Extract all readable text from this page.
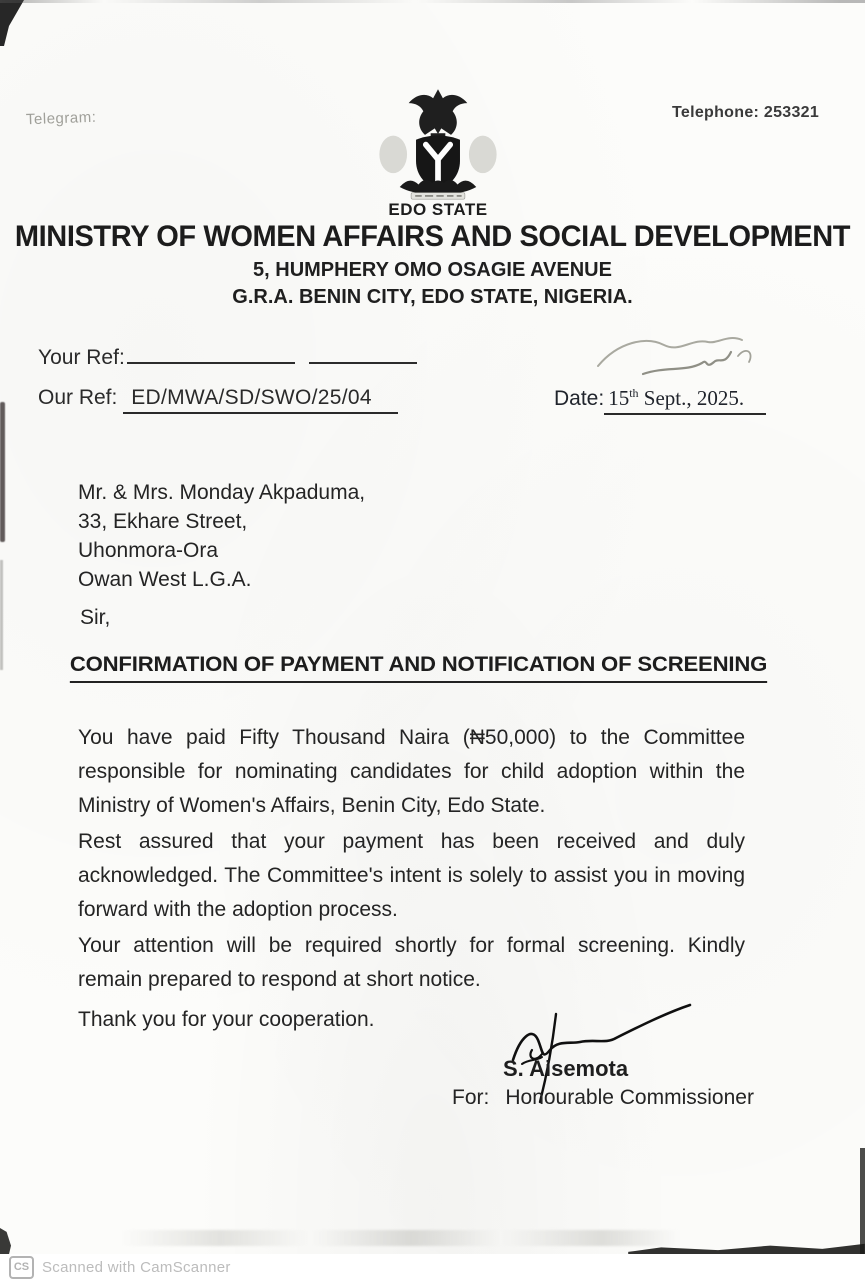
Telegram:	Telephone: 253321
EDO STATE
MINISTRY OF WOMEN AFFAIRS AND SOCIAL DEVELOPMENT
5, HUMPHERY OMO OSAGIE AVENUE
G.R.A. BENIN CITY, EDO STATE, NIGERIA.
Your Ref:
Our Ref: ED/MWA/SD/SWO/25/04	Date: 15th Sept., 2025.
Mr. & Mrs. Monday Akpaduma,
33, Ekhare Street,
Uhonmora-Ora
Owan West L.G.A.
Sir,
CONFIRMATION OF PAYMENT AND NOTIFICATION OF SCREENING

You have paid Fifty Thousand Naira (₦50,000) to the Committee responsible for nominating candidates for child adoption within the Ministry of Women's Affairs, Benin City, Edo State.

Rest assured that your payment has been received and duly acknowledged. The Committee's intent is solely to assist you in moving forward with the adoption process.

Your attention will be required shortly for formal screening. Kindly remain prepared to respond at short notice.

Thank you for your cooperation.

S. Aisemota
For: Honourable Commissioner
CS Scanned with CamScanner
